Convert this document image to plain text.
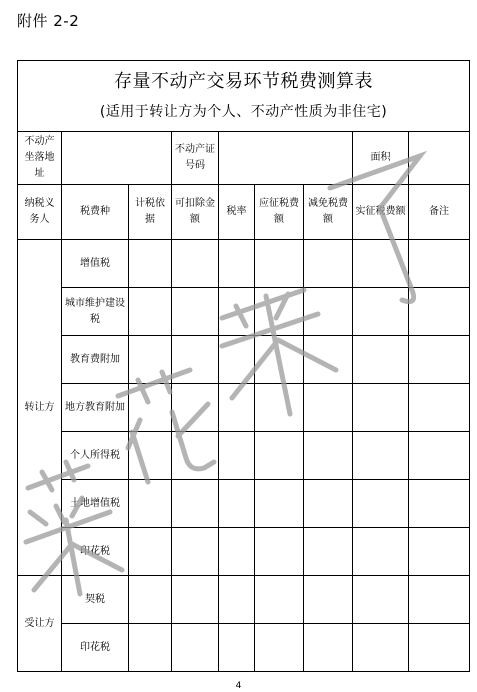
附件 2-2
存量不动产交易环节税费测算表
(适用于转让方为个人、不动产性质为非住宅)								

不动产坐落地址			不动产证号码				面积	
纳税义务人	税费种	计税依据	可扣除金额	税率	应征税费额	减免税费额	实征税费额	备注
转让方	增值税							
	城市维护建设税							
	教育费附加							
	地方教育附加							
	个人所得税							
	土地增值税							
	印花税							
受让方	契税							
	印花税							
菜花来了
4
